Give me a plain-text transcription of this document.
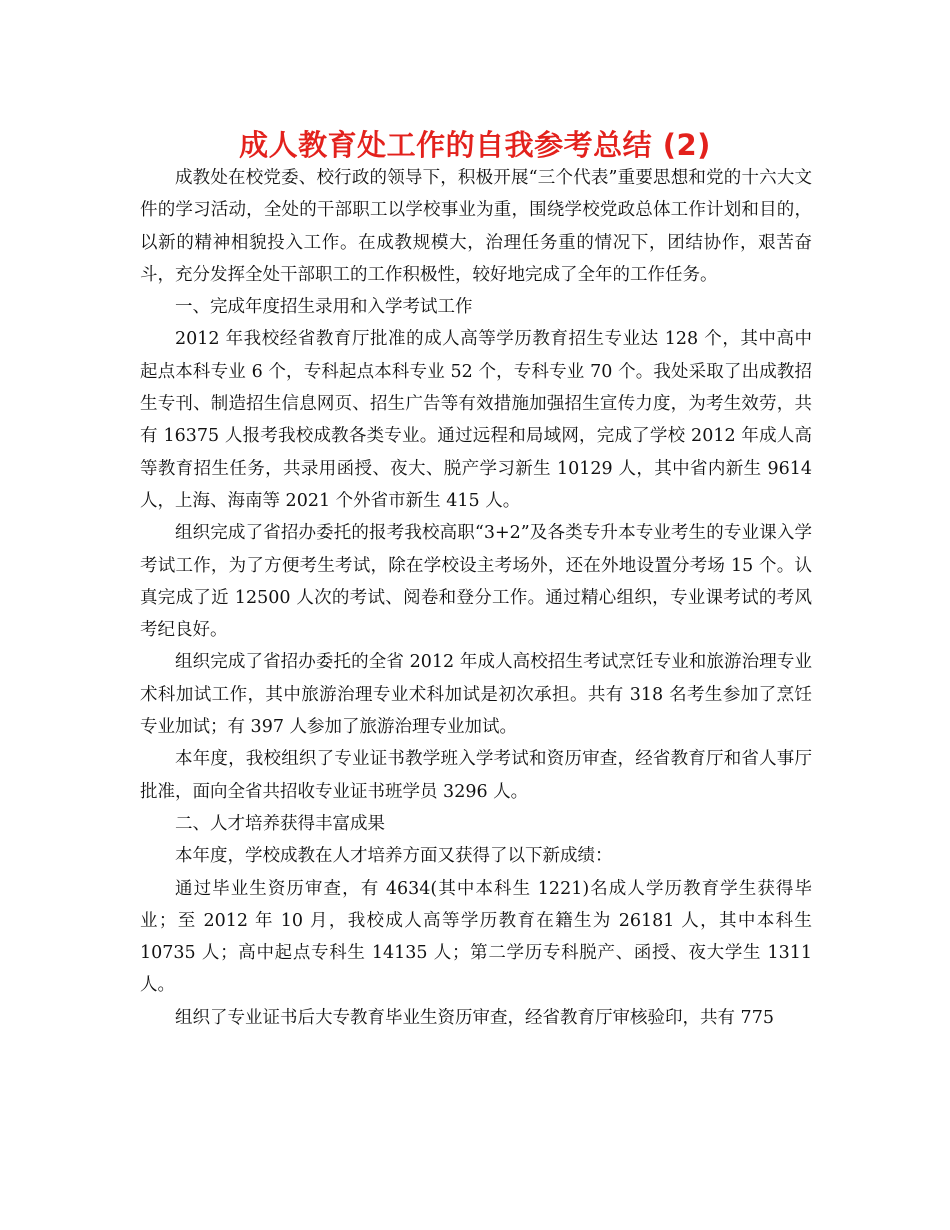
成人教育处工作的自我参考总结 (2)

成教处在校党委、校行政的领导下，积极开展“三个代表”重要思想和党的十六大文件的学习活动，全处的干部职工以学校事业为重，围绕学校党政总体工作计划和目的，以新的精神相貌投入工作。在成教规模大，治理任务重的情况下，团结协作，艰苦奋斗，充分发挥全处干部职工的工作积极性，较好地完成了全年的工作任务。

一、完成年度招生录用和入学考试工作

2012 年我校经省教育厅批准的成人高等学历教育招生专业达 128 个，其中高中起点本科专业 6 个，专科起点本科专业 52 个，专科专业 70 个。我处采取了出成教招生专刊、制造招生信息网页、招生广告等有效措施加强招生宣传力度，为考生效劳，共有 16375 人报考我校成教各类专业。通过远程和局域网，完成了学校 2012 年成人高等教育招生任务，共录用函授、夜大、脱产学习新生 10129 人，其中省内新生 9614 人，上海、海南等 2021 个外省市新生 415 人。

组织完成了省招办委托的报考我校高职“3+2”及各类专升本专业考生的专业课入学考试工作，为了方便考生考试，除在学校设主考场外，还在外地设置分考场 15 个。认真完成了近 12500 人次的考试、阅卷和登分工作。通过精心组织，专业课考试的考风考纪良好。

组织完成了省招办委托的全省 2012 年成人高校招生考试烹饪专业和旅游治理专业术科加试工作，其中旅游治理专业术科加试是初次承担。共有 318 名考生参加了烹饪专业加试；有 397 人参加了旅游治理专业加试。

本年度，我校组织了专业证书教学班入学考试和资历审查，经省教育厅和省人事厅批准，面向全省共招收专业证书班学员 3296 人。

二、人才培养获得丰富成果

本年度，学校成教在人才培养方面又获得了以下新成绩：

通过毕业生资历审查，有 4634(其中本科生 1221)名成人学历教育学生获得毕业；至 2012 年 10 月，我校成人高等学历教育在籍生为 26181 人，其中本科生 10735 人；高中起点专科生 14135 人；第二学历专科脱产、函授、夜大学生 1311 人。

组织了专业证书后大专教育毕业生资历审查，经省教育厅审核验印，共有 775
